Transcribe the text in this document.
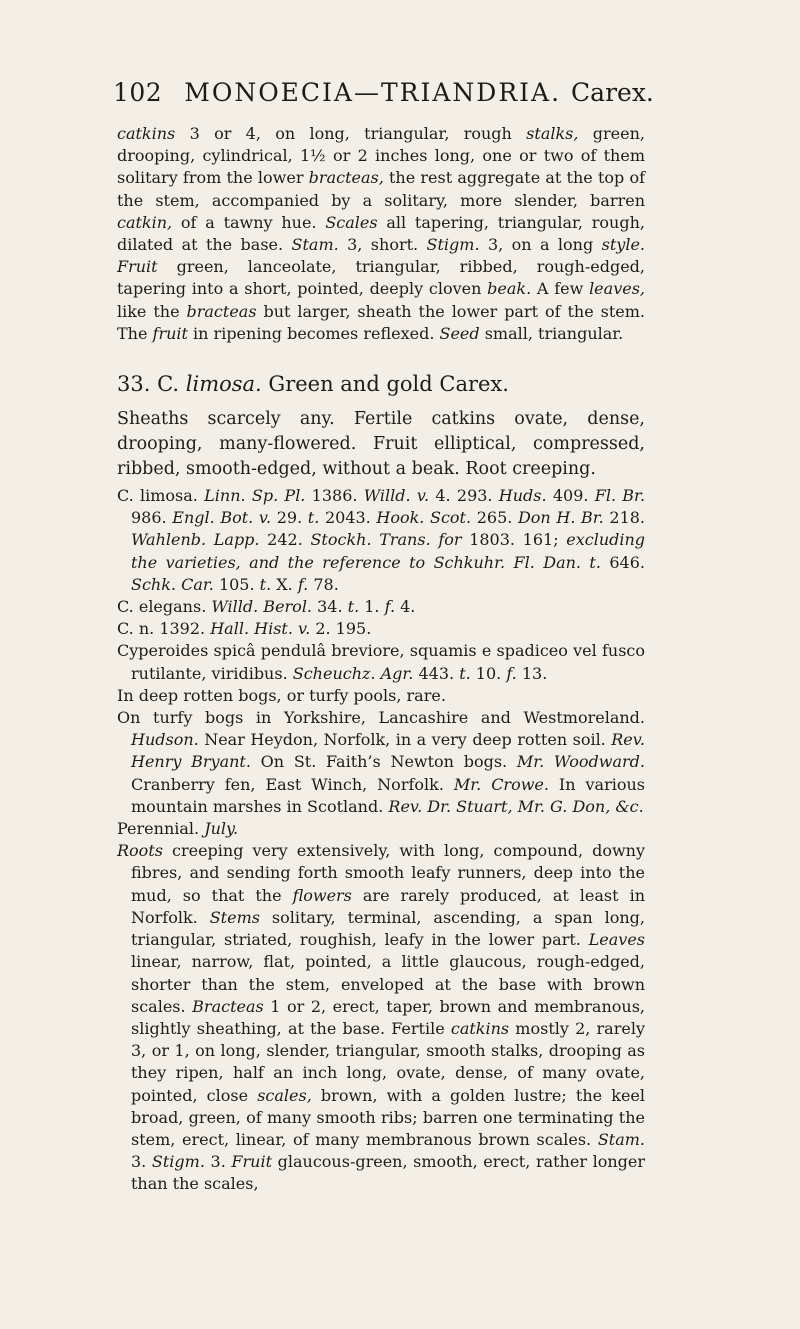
102 MONOECIA—TRIANDRIA. Carex.

catkins 3 or 4, on long, triangular, rough stalks, green, drooping, cylindrical, 1½ or 2 inches long, one or two of them solitary from the lower bracteas, the rest aggregate at the top of the stem, accompanied by a solitary, more slender, barren catkin, of a tawny hue. Scales all tapering, triangular, rough, dilated at the base. Stam. 3, short. Stigm. 3, on a long style. Fruit green, lanceolate, triangular, ribbed, rough-edged, tapering into a short, pointed, deeply cloven beak. A few leaves, like the bracteas but larger, sheath the lower part of the stem. The fruit in ripening becomes reflexed. Seed small, triangular.

33. C. limosa. Green and gold Carex.

Sheaths scarcely any. Fertile catkins ovate, dense, drooping, many-flowered. Fruit elliptical, compressed, ribbed, smooth-edged, without a beak. Root creeping.

C. limosa. Linn. Sp. Pl. 1386. Willd. v. 4. 293. Huds. 409. Fl. Br. 986. Engl. Bot. v. 29. t. 2043. Hook. Scot. 265. Don H. Br. 218. Wahlenb. Lapp. 242. Stockh. Trans. for 1803. 161; excluding the varieties, and the reference to Schkuhr. Fl. Dan. t. 646. Schk. Car. 105. t. X. f. 78.

C. elegans. Willd. Berol. 34. t. 1. f. 4.

C. n. 1392. Hall. Hist. v. 2. 195.

Cyperoides spicâ pendulâ breviore, squamis e spadiceo vel fusco rutilante, viridibus. Scheuchz. Agr. 443. t. 10. f. 13.

In deep rotten bogs, or turfy pools, rare.

On turfy bogs in Yorkshire, Lancashire and Westmoreland. Hudson. Near Heydon, Norfolk, in a very deep rotten soil. Rev. Henry Bryant. On St. Faith’s Newton bogs. Mr. Woodward. Cranberry fen, East Winch, Norfolk. Mr. Crowe. In various mountain marshes in Scotland. Rev. Dr. Stuart, Mr. G. Don, &c.

Perennial. July.

Roots creeping very extensively, with long, compound, downy fibres, and sending forth smooth leafy runners, deep into the mud, so that the flowers are rarely produced, at least in Norfolk. Stems solitary, terminal, ascending, a span long, triangular, striated, roughish, leafy in the lower part. Leaves linear, narrow, flat, pointed, a little glaucous, rough-edged, shorter than the stem, enveloped at the base with brown scales. Bracteas 1 or 2, erect, taper, brown and membranous, slightly sheathing, at the base. Fertile catkins mostly 2, rarely 3, or 1, on long, slender, triangular, smooth stalks, drooping as they ripen, half an inch long, ovate, dense, of many ovate, pointed, close scales, brown, with a golden lustre; the keel broad, green, of many smooth ribs; barren one terminating the stem, erect, linear, of many membranous brown scales. Stam. 3. Stigm. 3. Fruit glaucous-green, smooth, erect, rather longer than the scales,
